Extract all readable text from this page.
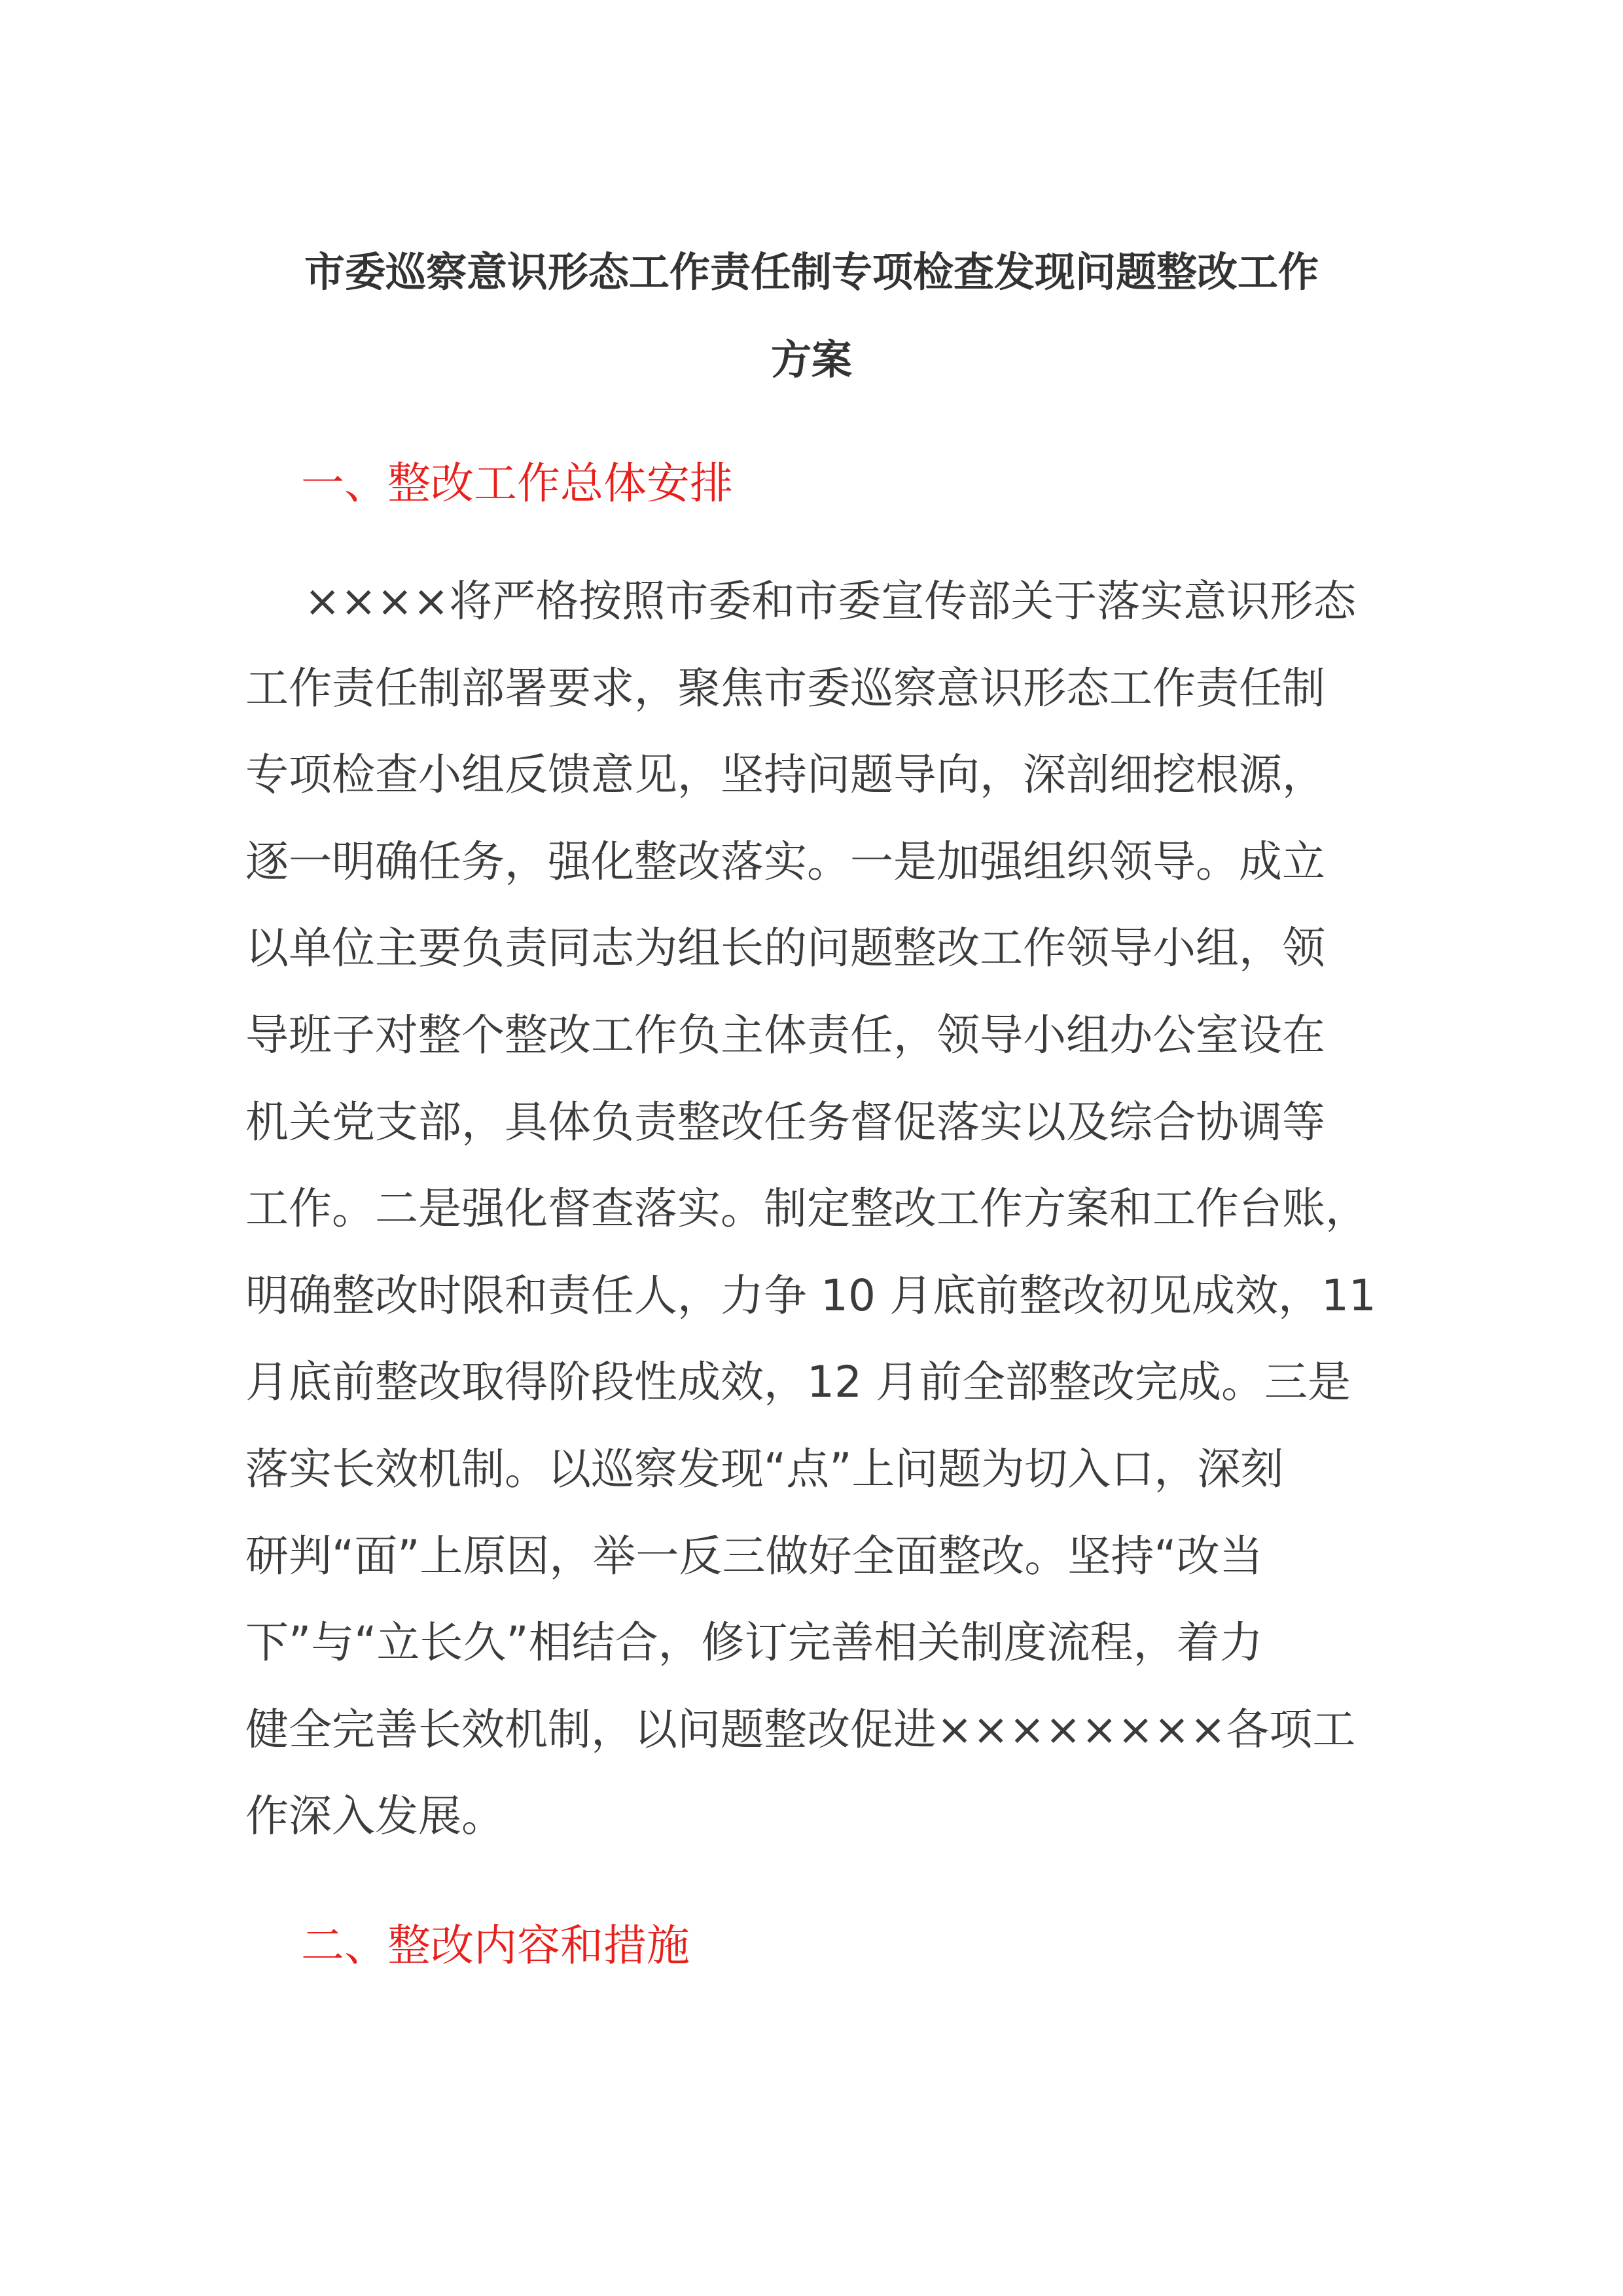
市委巡察意识形态工作责任制专项检查发现问题整改工作
方案
一、整改工作总体安排
××××将严格按照市委和市委宣传部关于落实意识形态
工作责任制部署要求，聚焦市委巡察意识形态工作责任制
专项检查小组反馈意见，坚持问题导向，深剖细挖根源，
逐一明确任务，强化整改落实。一是加强组织领导。成立
以单位主要负责同志为组长的问题整改工作领导小组，领
导班子对整个整改工作负主体责任，领导小组办公室设在
机关党支部，具体负责整改任务督促落实以及综合协调等
工作。二是强化督查落实。制定整改工作方案和工作台账，
明确整改时限和责任人，力争 10 月底前整改初见成效，11
月底前整改取得阶段性成效，12 月前全部整改完成。三是
落实长效机制。以巡察发现“点”上问题为切入口，深刻
研判“面”上原因，举一反三做好全面整改。坚持“改当
下”与“立长久”相结合，修订完善相关制度流程，着力
健全完善长效机制，以问题整改促进××××××××各项工
作深入发展。
二、整改内容和措施
